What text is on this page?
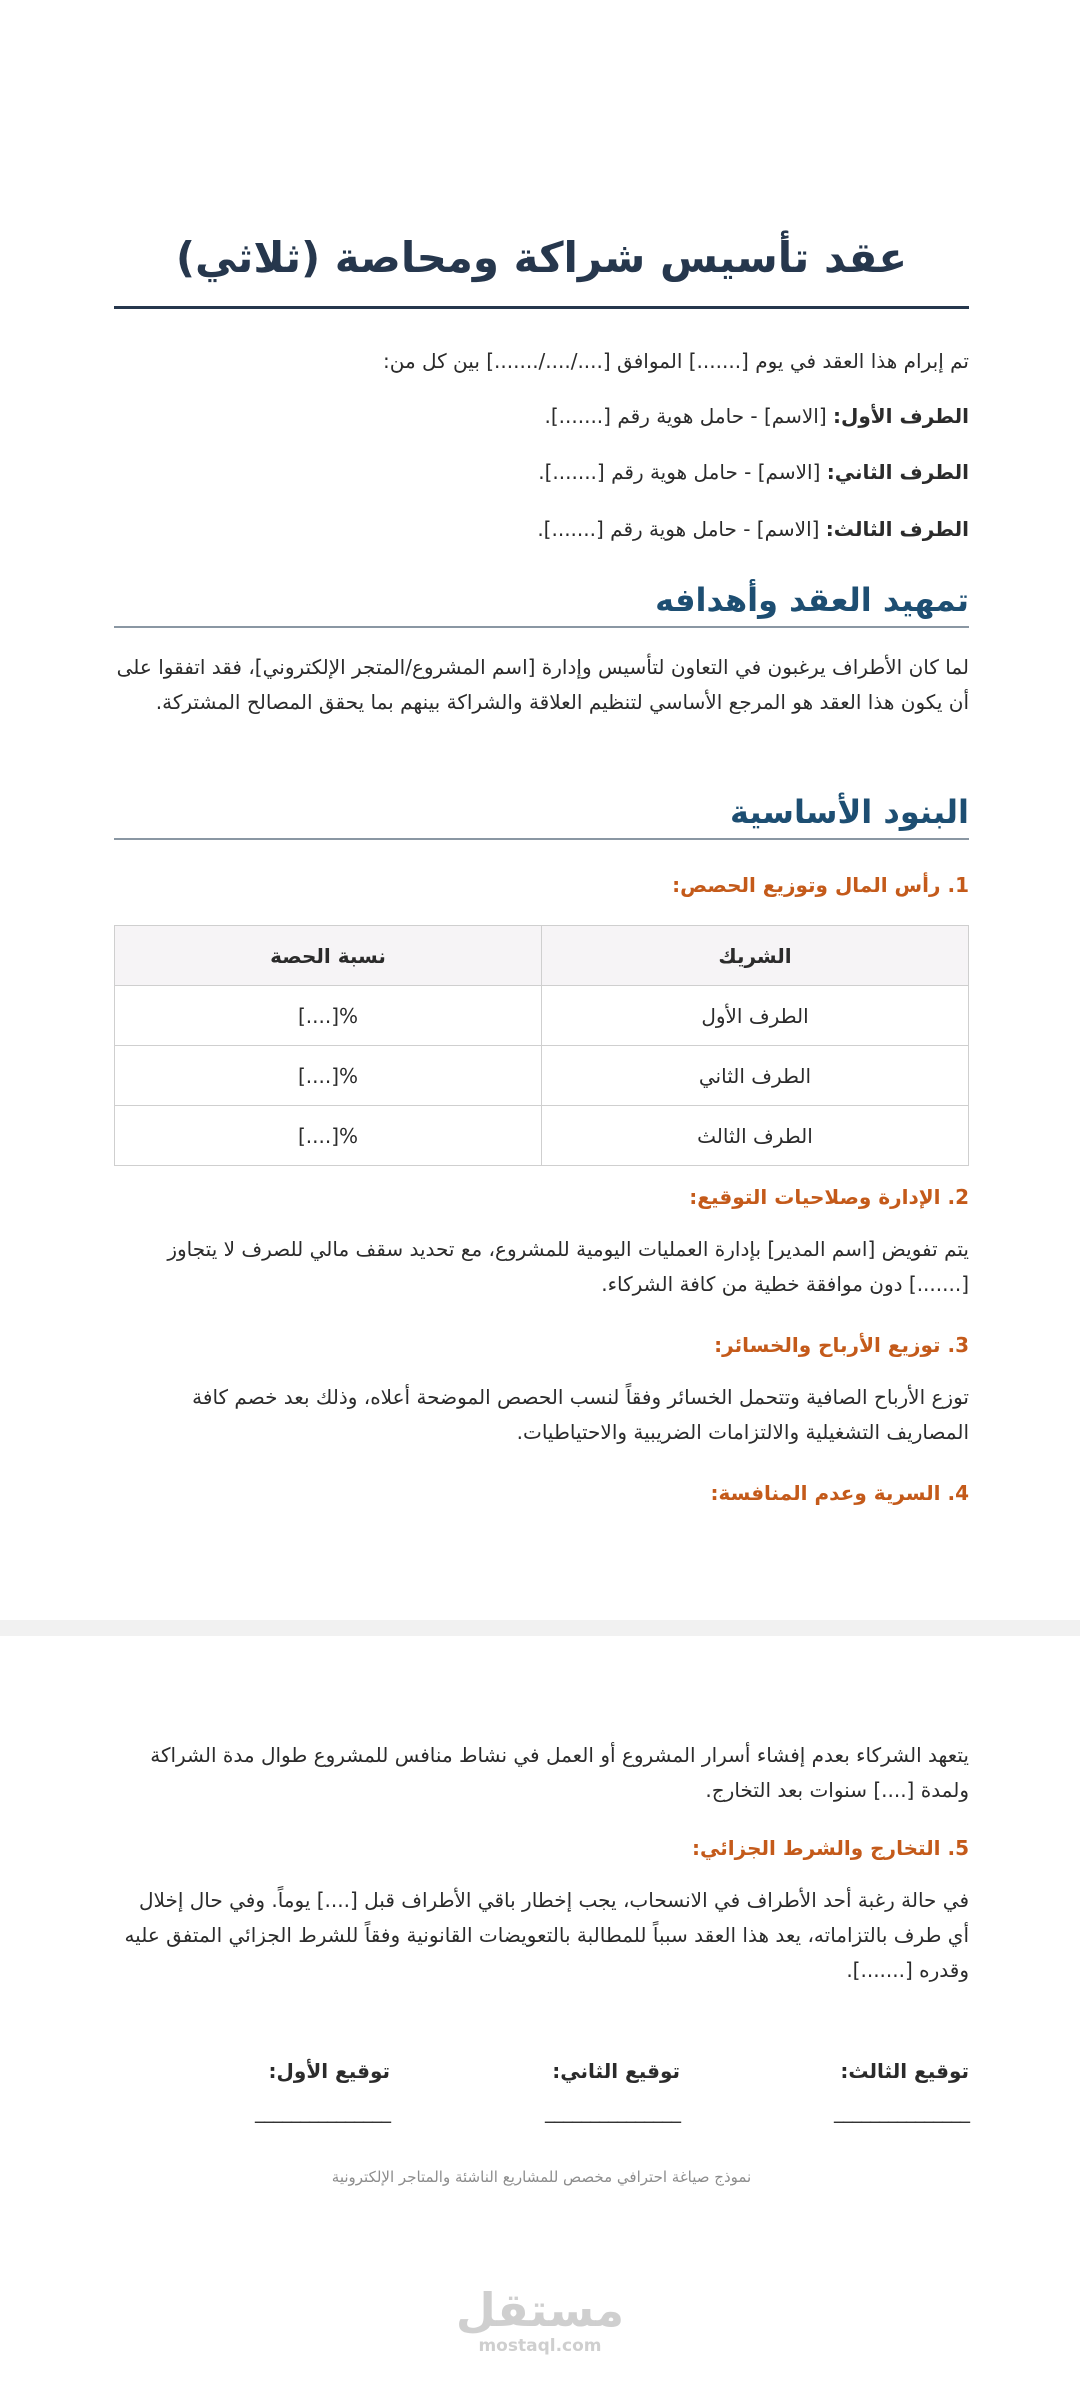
عقد تأسيس شراكة ومحاصة (ثلاثي)

تم إبرام هذا العقد في يوم [.......] الموافق [..../..../.......] بين كل من:

الطرف الأول: [الاسم] - حامل هوية رقم [.......].

الطرف الثاني: [الاسم] - حامل هوية رقم [.......].

الطرف الثالث: [الاسم] - حامل هوية رقم [.......].

تمهيد العقد وأهدافه

لما كان الأطراف يرغبون في التعاون لتأسيس وإدارة [اسم المشروع/المتجر الإلكتروني]، فقد اتفقوا على أن يكون هذا العقد هو المرجع الأساسي لتنظيم العلاقة والشراكة بينهم بما يحقق المصالح المشتركة.

البنود الأساسية

1. رأس المال وتوزيع الحصص:

الشريك	نسبة الحصة
الطرف الأول	[....]%
الطرف الثاني	[....]%
الطرف الثالث	[....]%

2. الإدارة وصلاحيات التوقيع:

يتم تفويض [اسم المدير] بإدارة العمليات اليومية للمشروع، مع تحديد سقف مالي للصرف لا يتجاوز [.......] دون موافقة خطية من كافة الشركاء.

3. توزيع الأرباح والخسائر:

توزع الأرباح الصافية وتتحمل الخسائر وفقاً لنسب الحصص الموضحة أعلاه، وذلك بعد خصم كافة المصاريف التشغيلية والالتزامات الضريبية والاحتياطيات.

4. السرية وعدم المنافسة:

يتعهد الشركاء بعدم إفشاء أسرار المشروع أو العمل في نشاط منافس للمشروع طوال مدة الشراكة ولمدة [....] سنوات بعد التخارج.

5. التخارج والشرط الجزائي:

في حالة رغبة أحد الأطراف في الانسحاب، يجب إخطار باقي الأطراف قبل [....] يوماً. وفي حال إخلال أي طرف بالتزاماته، يعد هذا العقد سبباً للمطالبة بالتعويضات القانونية وفقاً للشرط الجزائي المتفق عليه وقدره [.......].

توقيع الثالث:
_______________
توقيع الثاني:
_______________
توقيع الأول:
_______________
نموذج صياغة احترافي مخصص للمشاريع الناشئة والمتاجر الإلكترونية
مستقل
mostaql.com
